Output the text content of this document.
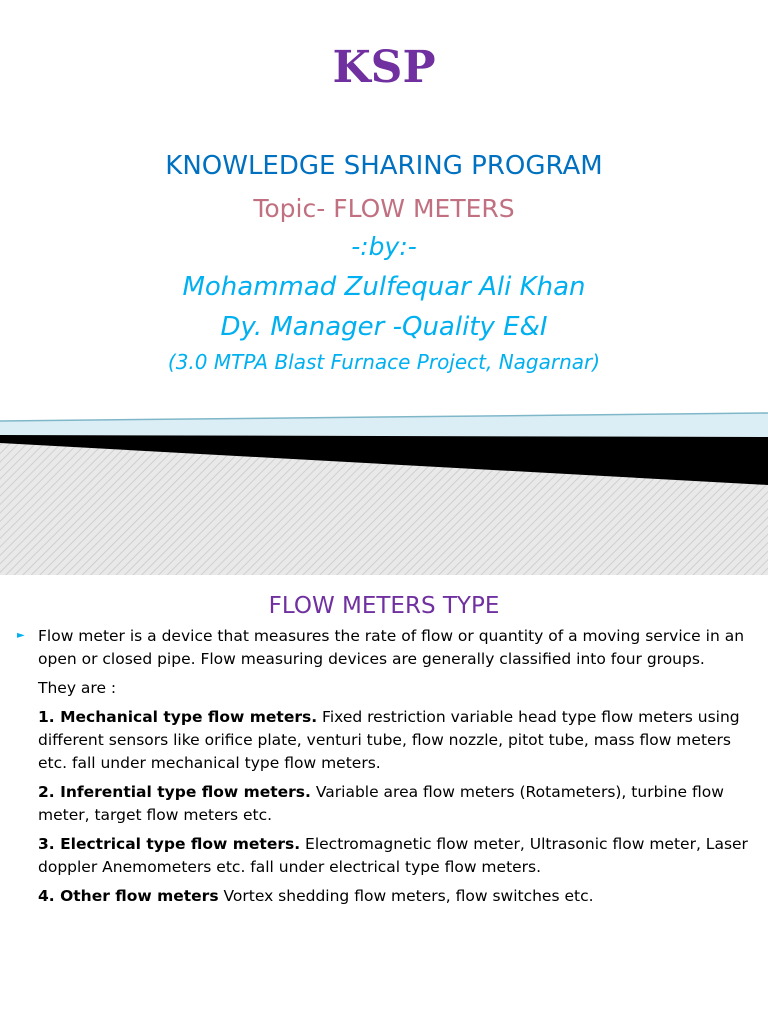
KSP
KNOWLEDGE SHARING PROGRAM
Topic- FLOW METERS
-:by:-
Mohammad Zulfequar Ali Khan
Dy. Manager -Quality E&I
(3.0 MTPA Blast Furnace Project, Nagarnar)
FLOW METERS TYPE
► Flow meter is a device that measures the rate of flow or quantity of a moving service in an open or closed pipe. Flow measuring devices are generally classified into four groups.

They are :

1. Mechanical type flow meters. Fixed restriction variable head type flow meters using different sensors like orifice plate, venturi tube, flow nozzle, pitot tube, mass flow meters etc. fall under mechanical type flow meters.

2. Inferential type flow meters. Variable area flow meters (Rotameters), turbine flow meter, target flow meters etc.

3. Electrical type flow meters. Electromagnetic flow meter, Ultrasonic flow meter, Laser doppler Anemometers etc. fall under electrical type flow meters.

4. Other flow meters Vortex shedding flow meters, flow switches etc.
